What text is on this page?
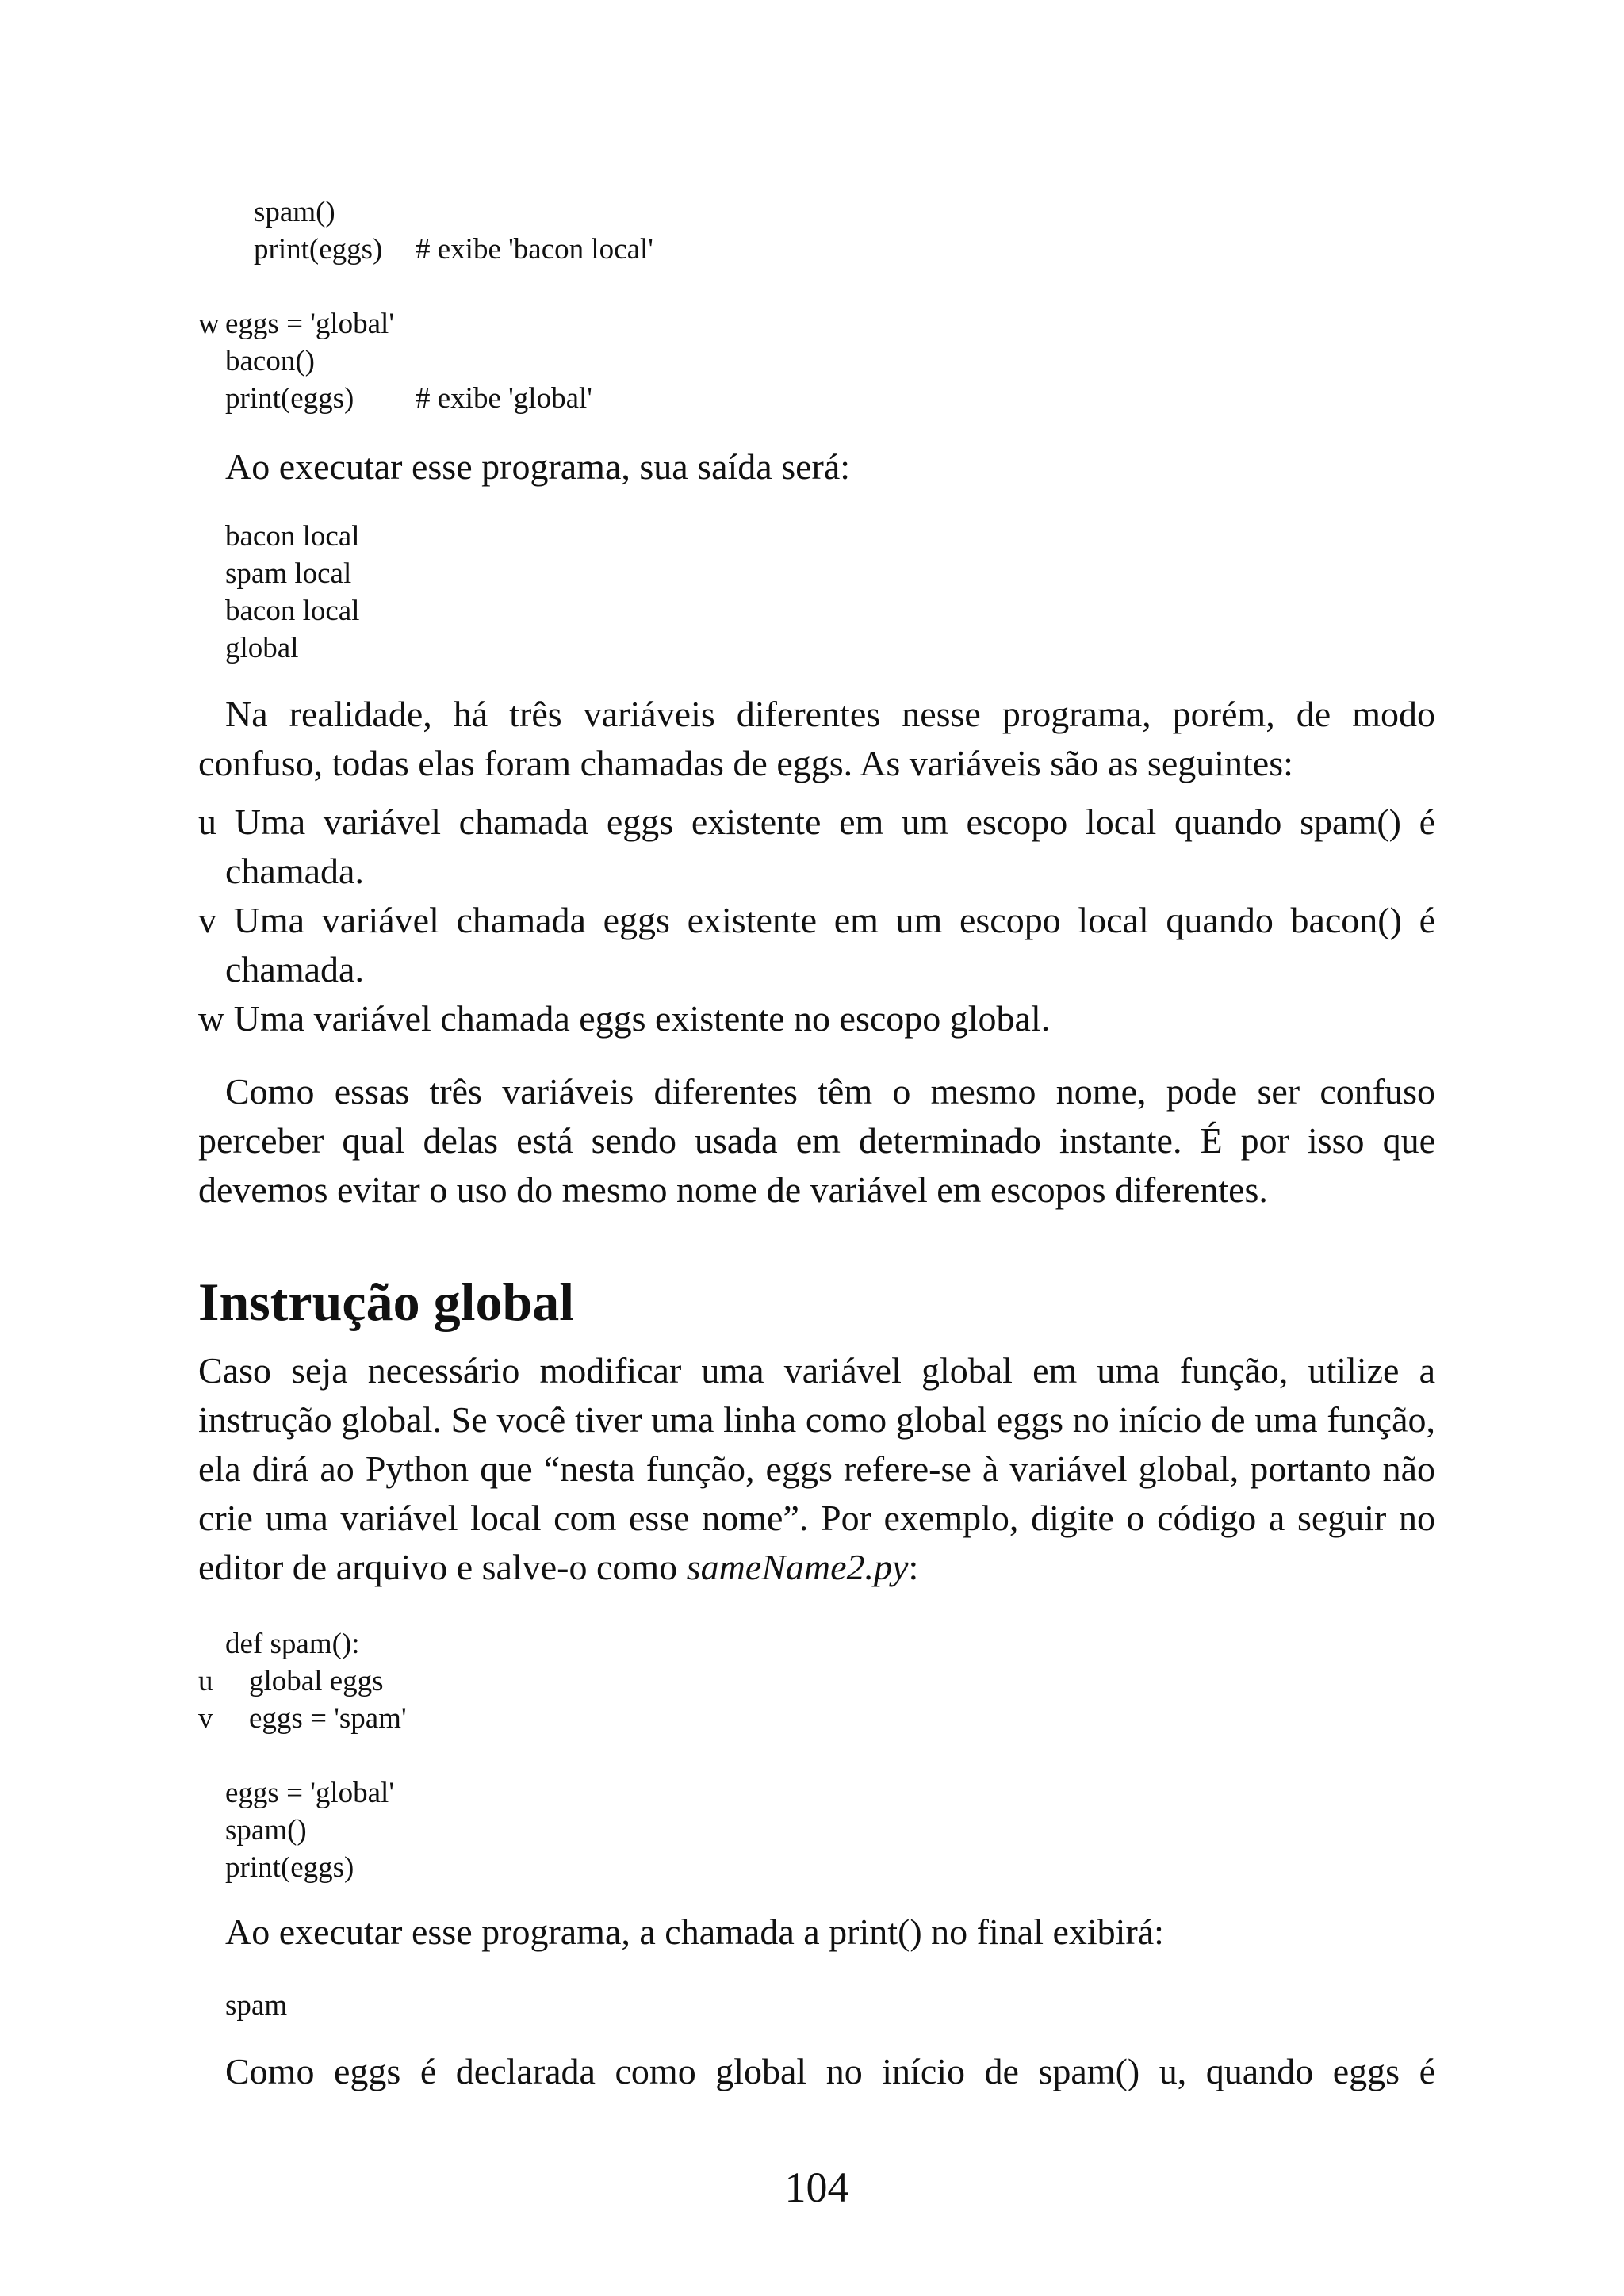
spam()
print(eggs) # exibe 'bacon local'
w eggs = 'global'
bacon()
print(eggs) # exibe 'global'

Ao executar esse programa, sua saída será:

bacon local
spam local
bacon local
global

Na realidade, há três variáveis diferentes nesse programa, porém, de modo confuso, todas elas foram chamadas de eggs. As variáveis são as seguintes:

u Uma variável chamada eggs existente em um escopo local quando spam() é chamada.

v Uma variável chamada eggs existente em um escopo local quando bacon() é chamada.

w Uma variável chamada eggs existente no escopo global.

Como essas três variáveis diferentes têm o mesmo nome, pode ser confuso perceber qual delas está sendo usada em determinado instante. É por isso que devemos evitar o uso do mesmo nome de variável em escopos diferentes.

Instrução global

Caso seja necessário modificar uma variável global em uma função, utilize a instrução global. Se você tiver uma linha como global eggs no início de uma função, ela dirá ao Python que “nesta função, eggs refere-se à variável global, portanto não crie uma variável local com esse nome”. Por exemplo, digite o código a seguir no editor de arquivo e salve-o como sameName2.py:

def spam():
u global eggs
v eggs = 'spam'
eggs = 'global'
spam()
print(eggs)

Ao executar esse programa, a chamada a print() no final exibirá:

spam

Como eggs é declarada como global no início de spam() u, quando eggs é

104
